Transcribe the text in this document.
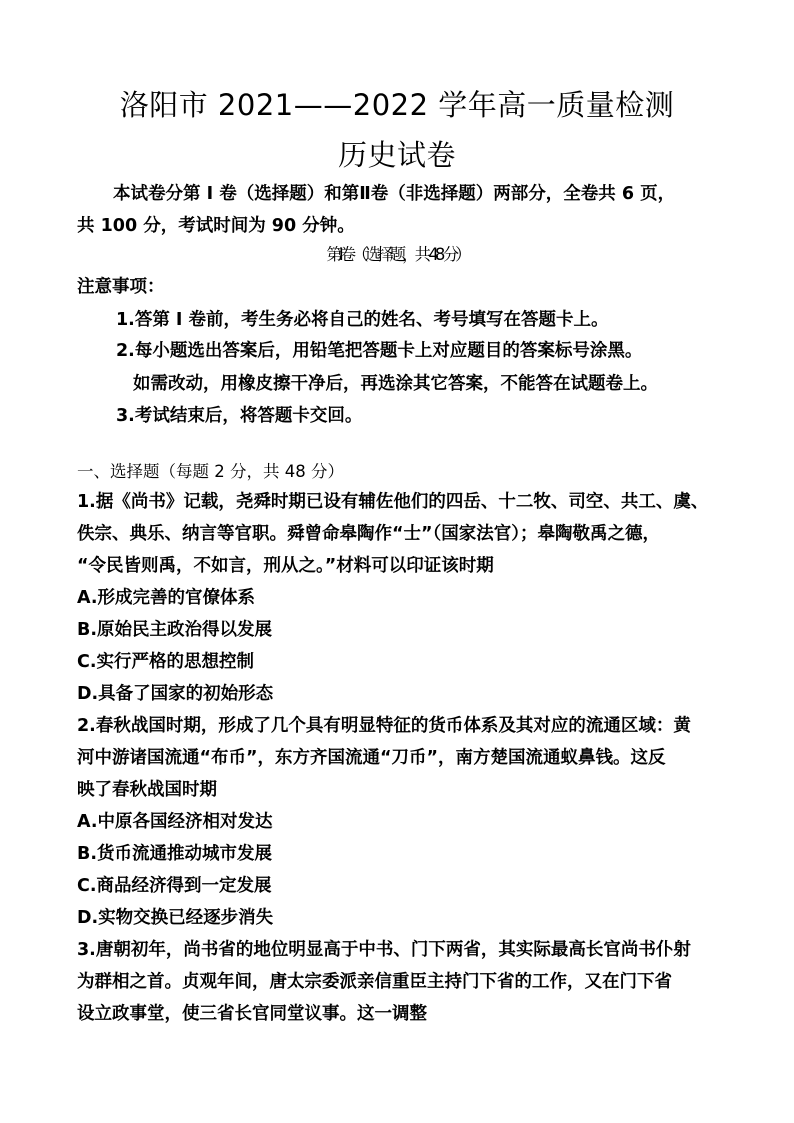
洛阳市 2021——2022 学年高一质量检测
历史试卷
本试卷分第 I 卷（选择题）和第Ⅱ卷（非选择题）两部分，全卷共 6 页，
共 100 分，考试时间为 90 分钟。
第Ⅰ卷（选择题，共 48 分）
注意事项：
1.答第 I 卷前，考生务必将自己的姓名、考号填写在答题卡上。
2.每小题选出答案后，用铅笔把答题卡上对应题目的答案标号涂黑。
如需改动，用橡皮擦干净后，再选涂其它答案，不能答在试题卷上。
3.考试结束后，将答题卡交回。
一、选择题（每题 2 分，共 48 分）
1.据《尚书》记载，尧舜时期已设有辅佐他们的四岳、十二牧、司空、共工、虞、
佚宗、典乐、纳言等官职。舜曾命皋陶作“士”（国家法官）；皋陶敬禹之德，
“令民皆则禹，不如言，刑从之。”材料可以印证该时期
A.形成完善的官僚体系
B.原始民主政治得以发展
C.实行严格的思想控制
D.具备了国家的初始形态
2.春秋战国时期，形成了几个具有明显特征的货币体系及其对应的流通区域：黄
河中游诸国流通“布币”，东方齐国流通“刀币”，南方楚国流通蚁鼻钱。这反
映了春秋战国时期
A.中原各国经济相对发达
B.货币流通推动城市发展
C.商品经济得到一定发展
D.实物交换已经逐步消失
3.唐朝初年，尚书省的地位明显高于中书、门下两省，其实际最高长官尚书仆射
为群相之首。贞观年间，唐太宗委派亲信重臣主持门下省的工作，又在门下省
设立政事堂，使三省长官同堂议事。这一调整
